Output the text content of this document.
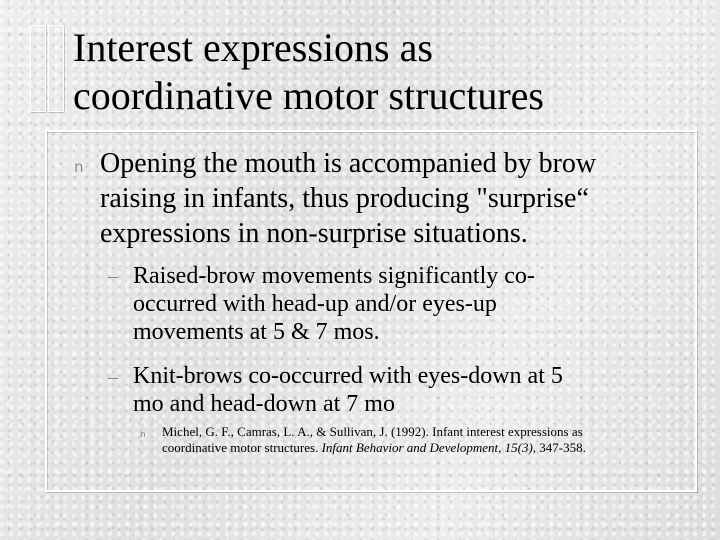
Interest expressions as
coordinative motor structures
n Opening the mouth is accompanied by brow
raising in infants, thus producing "surprise“
expressions in non-surprise situations.
– Raised-brow movements significantly co-
occurred with head-up and/or eyes-up
movements at 5 & 7 mos.
– Knit-brows co-occurred with eyes-down at 5
mo and head-down at 7 mo
n Michel, G. F., Camras, L. A., & Sullivan, J. (1992). Infant interest expressions as
coordinative motor structures. Infant Behavior and Development, 15(3), 347-358.
